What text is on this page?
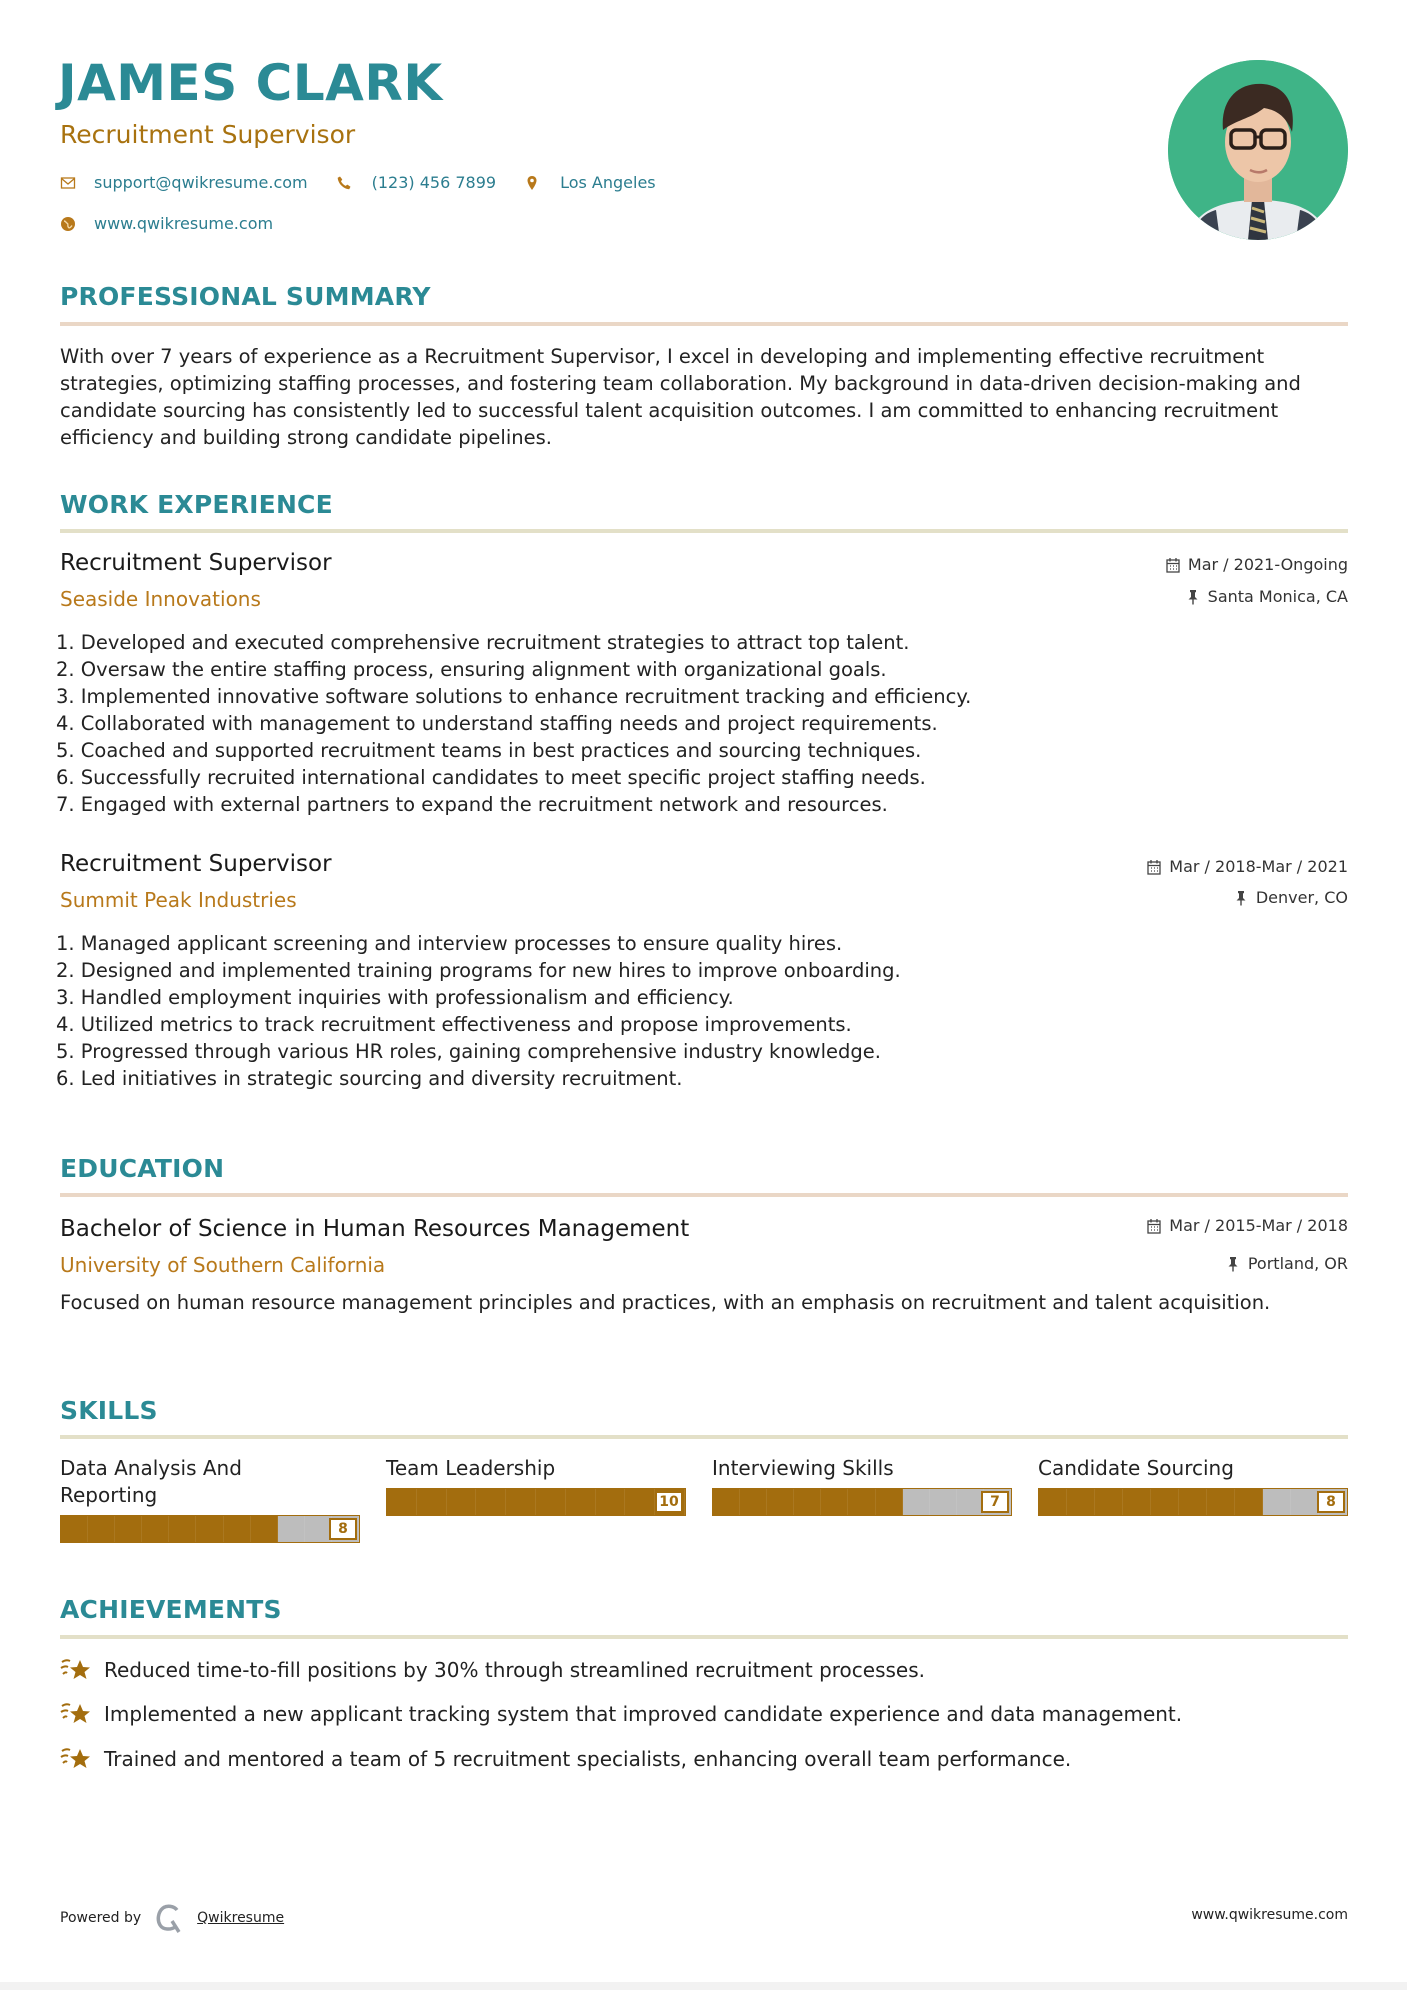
JAMES CLARK
Recruitment Supervisor
support@qwikresume.com	(123) 456 7899	Los Angeles
www.qwikresume.com
PROFESSIONAL SUMMARY
With over 7 years of experience as a Recruitment Supervisor, I excel in developing and implementing effective recruitment strategies, optimizing staffing processes, and fostering team collaboration. My background in data-driven decision-making and candidate sourcing has consistently led to successful talent acquisition outcomes. I am committed to enhancing recruitment efficiency and building strong candidate pipelines.
WORK EXPERIENCE
Recruitment Supervisor
Seaside Innovations
Mar / 2021-Ongoing
Santa Monica, CA
1. Developed and executed comprehensive recruitment strategies to attract top talent.
2. Oversaw the entire staffing process, ensuring alignment with organizational goals.
3. Implemented innovative software solutions to enhance recruitment tracking and efficiency.
4. Collaborated with management to understand staffing needs and project requirements.
5. Coached and supported recruitment teams in best practices and sourcing techniques.
6. Successfully recruited international candidates to meet specific project staffing needs.
7. Engaged with external partners to expand the recruitment network and resources.
Recruitment Supervisor
Summit Peak Industries
Mar / 2018-Mar / 2021
Denver, CO
1. Managed applicant screening and interview processes to ensure quality hires.
2. Designed and implemented training programs for new hires to improve onboarding.
3. Handled employment inquiries with professionalism and efficiency.
4. Utilized metrics to track recruitment effectiveness and propose improvements.
5. Progressed through various HR roles, gaining comprehensive industry knowledge.
6. Led initiatives in strategic sourcing and diversity recruitment.
EDUCATION
Bachelor of Science in Human Resources Management
University of Southern California
Mar / 2015-Mar / 2018
Portland, OR
Focused on human resource management principles and practices, with an emphasis on recruitment and talent acquisition.
SKILLS
Data Analysis And Reporting
8
Team Leadership
10
Interviewing Skills
7
Candidate Sourcing
8
ACHIEVEMENTS
Reduced time-to-fill positions by 30% through streamlined recruitment processes.
Implemented a new applicant tracking system that improved candidate experience and data management.
Trained and mentored a team of 5 recruitment specialists, enhancing overall team performance.
Powered by	Qwikresume	www.qwikresume.com
